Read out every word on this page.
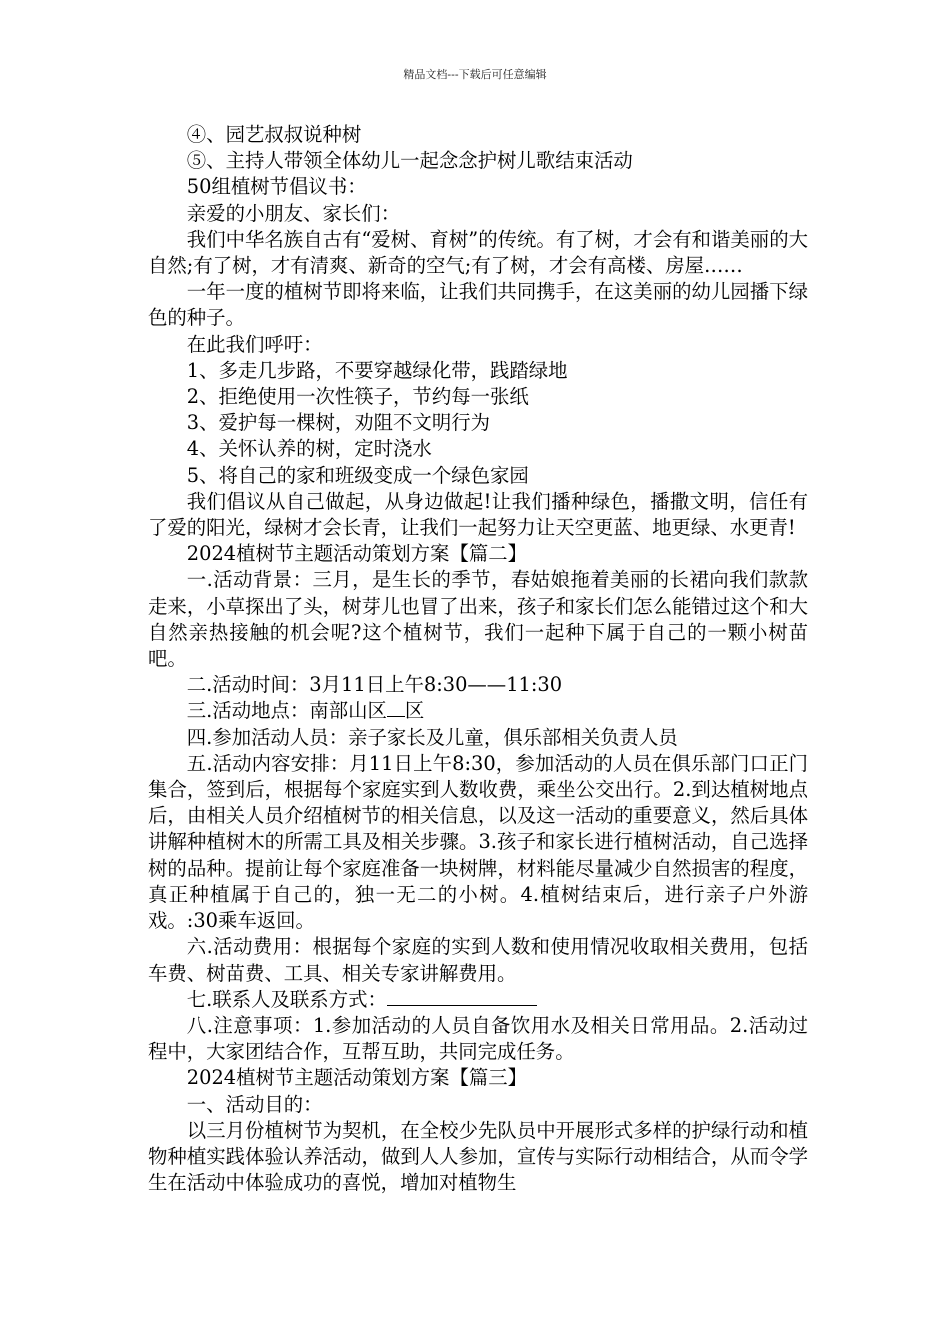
精品文档---下载后可任意编辑

④、园艺叔叔说种树

⑤、主持人带领全体幼儿一起念念护树儿歌结束活动

50组植树节倡议书：

亲爱的小朋友、家长们：

我们中华名族自古有“爱树、育树”的传统。有了树，才会有和谐美丽的大自然;有了树，才有清爽、新奇的空气;有了树，才会有高楼、房屋……

一年一度的植树节即将来临，让我们共同携手，在这美丽的幼儿园播下绿色的种子。

在此我们呼吁：

1、多走几步路，不要穿越绿化带，践踏绿地

2、拒绝使用一次性筷子，节约每一张纸

3、爱护每一棵树，劝阻不文明行为

4、关怀认养的树，定时浇水

5、将自己的家和班级变成一个绿色家园

我们倡议从自己做起，从身边做起!让我们播种绿色，播撒文明，信任有了爱的阳光，绿树才会长青，让我们一起努力让天空更蓝、地更绿、水更青!

2024植树节主题活动策划方案【篇二】

一.活动背景：三月，是生长的季节，春姑娘拖着美丽的长裙向我们款款走来，小草探出了头，树芽儿也冒了出来，孩子和家长们怎么能错过这个和大自然亲热接触的机会呢?这个植树节，我们一起种下属于自己的一颗小树苗吧。

二.活动时间：3月11日上午8:30——11:30

三.活动地点：南部山区 区

四.参加活动人员：亲子家长及儿童，俱乐部相关负责人员

五.活动内容安排：月11日上午8:30，参加活动的人员在俱乐部门口正门集合，签到后，根据每个家庭实到人数收费，乘坐公交出行。2.到达植树地点后，由相关人员介绍植树节的相关信息，以及这一活动的重要意义，然后具体讲解种植树木的所需工具及相关步骤。3.孩子和家长进行植树活动，自己选择树的品种。提前让每个家庭准备一块树牌，材料能尽量减少自然损害的程度，真正种植属于自己的，独一无二的小树。4.植树结束后，进行亲子户外游戏。:30乘车返回。

六.活动费用：根据每个家庭的实到人数和使用情况收取相关费用，包括车费、树苗费、工具、相关专家讲解费用。

七.联系人及联系方式：

八.注意事项：1.参加活动的人员自备饮用水及相关日常用品。2.活动过程中，大家团结合作，互帮互助，共同完成任务。

2024植树节主题活动策划方案【篇三】

一、活动目的：

以三月份植树节为契机，在全校少先队员中开展形式多样的护绿行动和植物种植实践体验认养活动，做到人人参加，宣传与实际行动相结合，从而令学生在活动中体验成功的喜悦，增加对植物生
